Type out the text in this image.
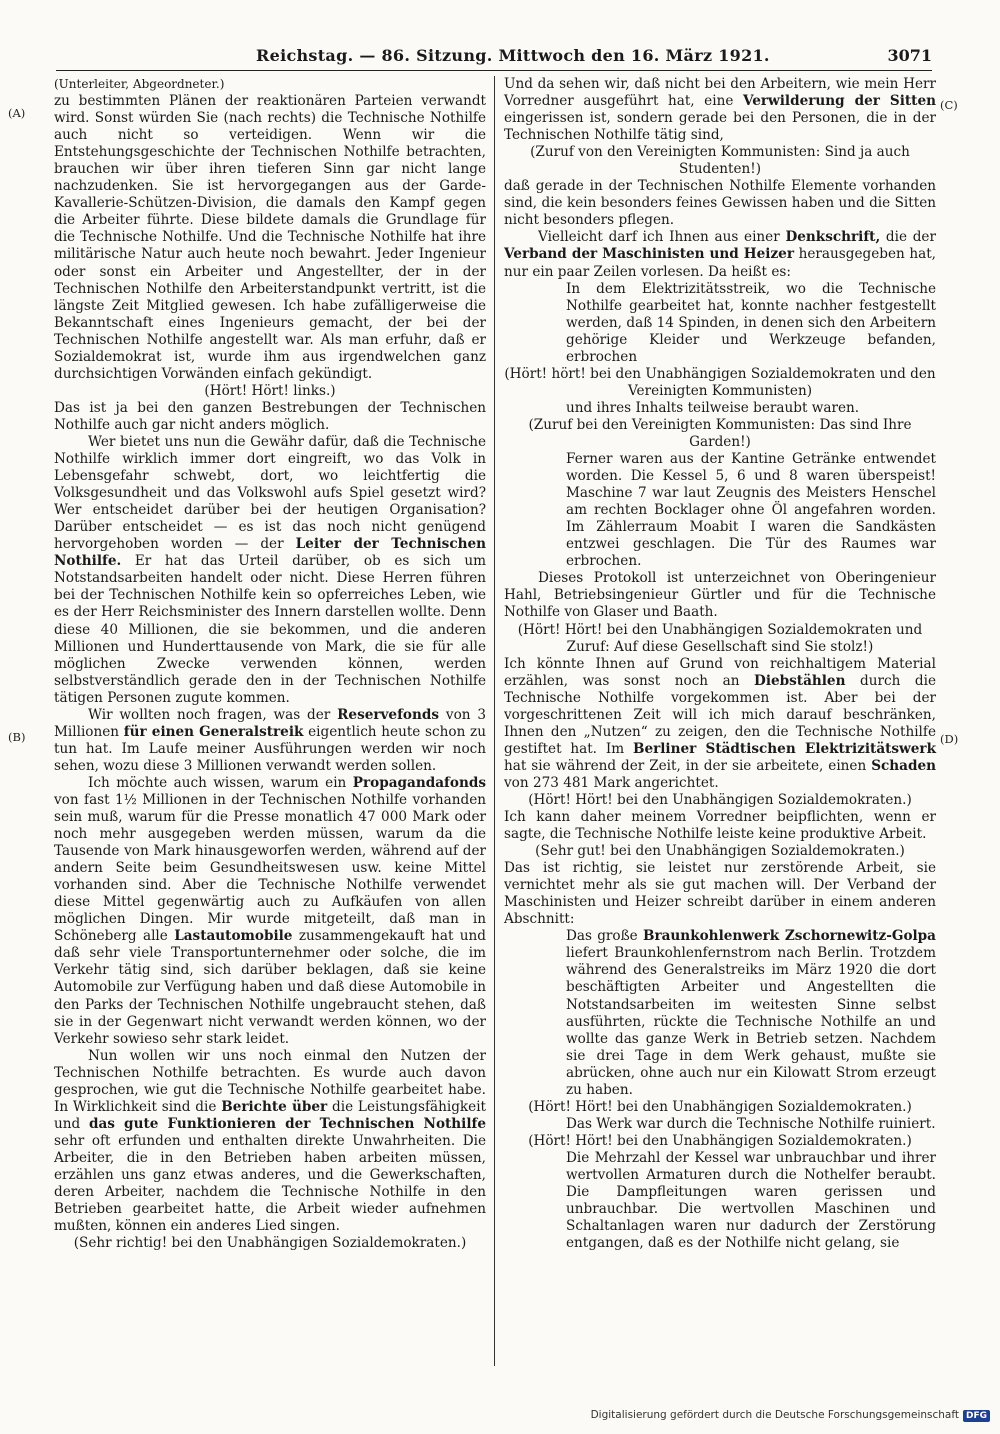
Reichstag. — 86. Sitzung. Mittwoch den 16. März 1921.	3071
(A)
(B)
(C)
(D)

(Unterleiter, Abgeordneter.)

zu bestimmten Plänen der reaktionären Parteien verwandt wird. Sonst würden Sie (nach rechts) die Technische Nothilfe auch nicht so verteidigen. Wenn wir die Entstehungsgeschichte der Technischen Nothilfe betrachten, brauchen wir über ihren tieferen Sinn gar nicht lange nachzudenken. Sie ist hervorgegangen aus der Garde-Kavallerie-Schützen-Division, die damals den Kampf gegen die Arbeiter führte. Diese bildete damals die Grundlage für die Technische Nothilfe. Und die Technische Nothilfe hat ihre militärische Natur auch heute noch bewahrt. Jeder Ingenieur oder sonst ein Arbeiter und Angestellter, der in der Technischen Nothilfe den Arbeiterstandpunkt vertritt, ist die längste Zeit Mitglied gewesen. Ich habe zufälligerweise die Bekanntschaft eines Ingenieurs gemacht, der bei der Technischen Nothilfe angestellt war. Als man erfuhr, daß er Sozialdemokrat ist, wurde ihm aus irgendwelchen ganz durchsichtigen Vorwänden einfach gekündigt.

(Hört! Hört! links.)

Das ist ja bei den ganzen Bestrebungen der Technischen Nothilfe auch gar nicht anders möglich.

Wer bietet uns nun die Gewähr dafür, daß die Technische Nothilfe wirklich immer dort eingreift, wo das Volk in Lebensgefahr schwebt, dort, wo leichtfertig die Volksgesundheit und das Volkswohl aufs Spiel gesetzt wird? Wer entscheidet darüber bei der heutigen Organisation? Darüber entscheidet — es ist das noch nicht genügend hervorgehoben worden — der Leiter der Technischen Nothilfe. Er hat das Urteil darüber, ob es sich um Notstandsarbeiten handelt oder nicht. Diese Herren führen bei der Technischen Nothilfe kein so opferreiches Leben, wie es der Herr Reichsminister des Innern darstellen wollte. Denn diese 40 Millionen, die sie bekommen, und die anderen Millionen und Hunderttausende von Mark, die sie für alle möglichen Zwecke verwenden können, werden selbstverständlich gerade den in der Technischen Nothilfe tätigen Personen zugute kommen.

Wir wollten noch fragen, was der Reservefonds von 3 Millionen für einen Generalstreik eigentlich heute schon zu tun hat. Im Laufe meiner Ausführungen werden wir noch sehen, wozu diese 3 Millionen verwandt werden sollen.

Ich möchte auch wissen, warum ein Propagandafonds von fast 1½ Millionen in der Technischen Nothilfe vorhanden sein muß, warum für die Presse monatlich 47 000 Mark oder noch mehr ausgegeben werden müssen, warum da die Tausende von Mark hinausgeworfen werden, während auf der andern Seite beim Gesundheitswesen usw. keine Mittel vorhanden sind. Aber die Technische Nothilfe verwendet diese Mittel gegenwärtig auch zu Aufkäufen von allen möglichen Dingen. Mir wurde mitgeteilt, daß man in Schöneberg alle Lastautomobile zusammengekauft hat und daß sehr viele Transportunternehmer oder solche, die im Verkehr tätig sind, sich darüber beklagen, daß sie keine Automobile zur Verfügung haben und daß diese Automobile in den Parks der Technischen Nothilfe ungebraucht stehen, daß sie in der Gegenwart nicht verwandt werden können, wo der Verkehr sowieso sehr stark leidet.

Nun wollen wir uns noch einmal den Nutzen der Technischen Nothilfe betrachten. Es wurde auch davon gesprochen, wie gut die Technische Nothilfe gearbeitet habe. In Wirklichkeit sind die Berichte über die Leistungsfähigkeit und das gute Funktionieren der Technischen Nothilfe sehr oft erfunden und enthalten direkte Unwahrheiten. Die Arbeiter, die in den Betrieben haben arbeiten müssen, erzählen uns ganz etwas anderes, und die Gewerkschaften, deren Arbeiter, nachdem die Technische Nothilfe in den Betrieben gearbeitet hatte, die Arbeit wieder aufnehmen mußten, können ein anderes Lied singen.

(Sehr richtig! bei den Unabhängigen Sozialdemokraten.)

Und da sehen wir, daß nicht bei den Arbeitern, wie mein Herr Vorredner ausgeführt hat, eine Verwilderung der Sitten eingerissen ist, sondern gerade bei den Personen, die in der Technischen Nothilfe tätig sind,

(Zuruf von den Vereinigten Kommunisten: Sind ja auch Studenten!)

daß gerade in der Technischen Nothilfe Elemente vorhanden sind, die kein besonders feines Gewissen haben und die Sitten nicht besonders pflegen.

Vielleicht darf ich Ihnen aus einer Denkschrift, die der Verband der Maschinisten und Heizer herausgegeben hat, nur ein paar Zeilen vorlesen. Da heißt es:

In dem Elektrizitätsstreik, wo die Technische Nothilfe gearbeitet hat, konnte nachher festgestellt werden, daß 14 Spinden, in denen sich den Arbeitern gehörige Kleider und Werkzeuge befanden, erbrochen

(Hört! hört! bei den Unabhängigen Sozialdemokraten und den Vereinigten Kommunisten)

und ihres Inhalts teilweise beraubt waren.

(Zuruf bei den Vereinigten Kommunisten: Das sind Ihre Garden!)

Ferner waren aus der Kantine Getränke entwendet worden. Die Kessel 5, 6 und 8 waren überspeist! Maschine 7 war laut Zeugnis des Meisters Henschel am rechten Bocklager ohne Öl angefahren worden. Im Zählerraum Moabit I waren die Sandkästen entzwei geschlagen. Die Tür des Raumes war erbrochen.

Dieses Protokoll ist unterzeichnet von Oberingenieur Hahl, Betriebsingenieur Gürtler und für die Technische Nothilfe von Glaser und Baath.

(Hört! Hört! bei den Unabhängigen Sozialdemokraten und Zuruf: Auf diese Gesellschaft sind Sie stolz!)

Ich könnte Ihnen auf Grund von reichhaltigem Material erzählen, was sonst noch an Diebstählen durch die Technische Nothilfe vorgekommen ist. Aber bei der vorgeschrittenen Zeit will ich mich darauf beschränken, Ihnen den „Nutzen“ zu zeigen, den die Technische Nothilfe gestiftet hat. Im Berliner Städtischen Elektrizitätswerk hat sie während der Zeit, in der sie arbeitete, einen Schaden von 273 481 Mark angerichtet.

(Hört! Hört! bei den Unabhängigen Sozialdemokraten.)

Ich kann daher meinem Vorredner beipflichten, wenn er sagte, die Technische Nothilfe leiste keine produktive Arbeit.

(Sehr gut! bei den Unabhängigen Sozialdemokraten.)

Das ist richtig, sie leistet nur zerstörende Arbeit, sie vernichtet mehr als sie gut machen will. Der Verband der Maschinisten und Heizer schreibt darüber in einem anderen Abschnitt:

Das große Braunkohlenwerk Zschornewitz-Golpa liefert Braunkohlenfernstrom nach Berlin. Trotzdem während des Generalstreiks im März 1920 die dort beschäftigten Arbeiter und Angestellten die Notstandsarbeiten im weitesten Sinne selbst ausführten, rückte die Technische Nothilfe an und wollte das ganze Werk in Betrieb setzen. Nachdem sie drei Tage in dem Werk gehaust, mußte sie abrücken, ohne auch nur ein Kilowatt Strom erzeugt zu haben.

(Hört! Hört! bei den Unabhängigen Sozialdemokraten.)

Das Werk war durch die Technische Nothilfe ruiniert.

(Hört! Hört! bei den Unabhängigen Sozialdemokraten.)

Die Mehrzahl der Kessel war unbrauchbar und ihrer wertvollen Armaturen durch die Nothelfer beraubt. Die Dampfleitungen waren gerissen und unbrauchbar. Die wertvollen Maschinen und Schaltanlagen waren nur dadurch der Zerstörung entgangen, daß es der Nothilfe nicht gelang, sie

Digitalisierung gefördert durch die Deutsche Forschungsgemeinschaft DFG
